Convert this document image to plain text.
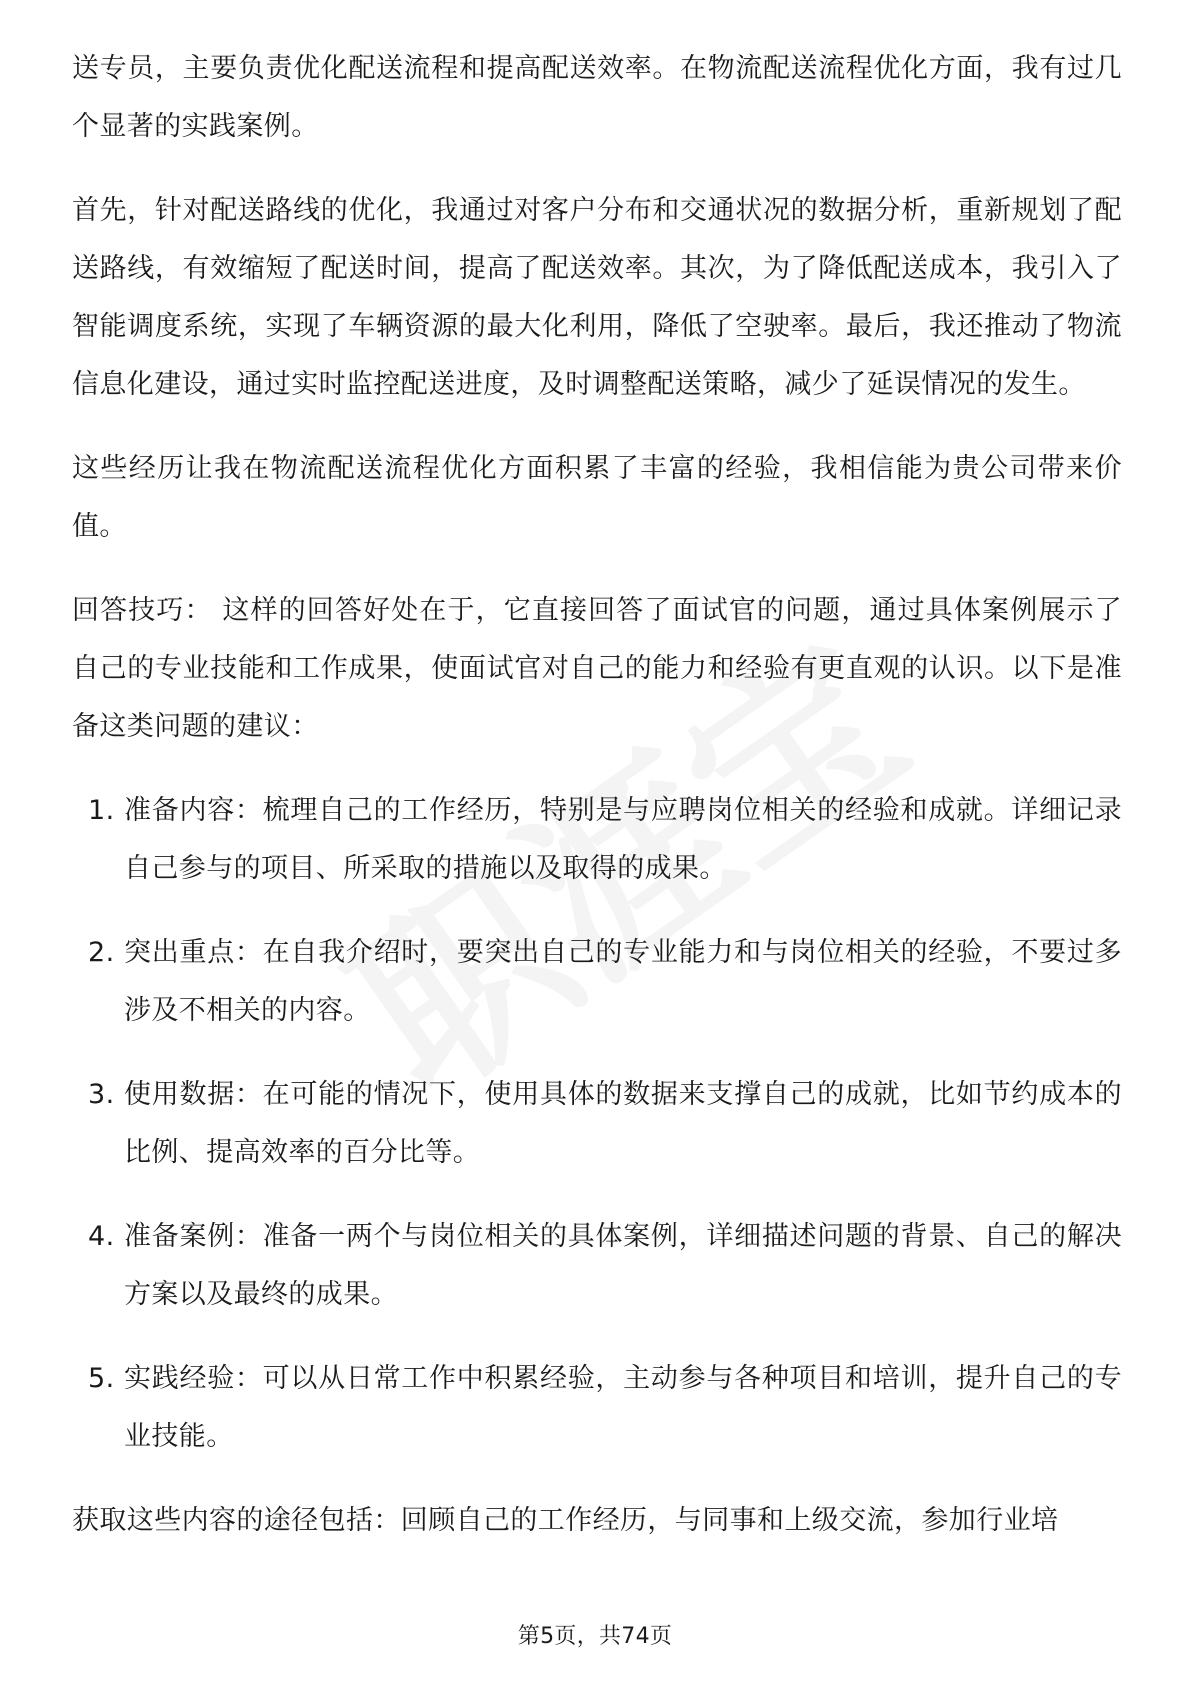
送专员，主要负责优化配送流程和提高配送效率。在物流配送流程优化方面，我有过几个显著的实践案例。

首先，针对配送路线的优化，我通过对客户分布和交通状况的数据分析，重新规划了配送路线，有效缩短了配送时间，提高了配送效率。其次，为了降低配送成本，我引入了智能调度系统，实现了车辆资源的最大化利用，降低了空驶率。最后，我还推动了物流信息化建设，通过实时监控配送进度，及时调整配送策略，减少了延误情况的发生。

这些经历让我在物流配送流程优化方面积累了丰富的经验，我相信能为贵公司带来价值。

回答技巧： 这样的回答好处在于，它直接回答了面试官的问题，通过具体案例展示了自己的专业技能和工作成果，使面试官对自己的能力和经验有更直观的认识。以下是准备这类问题的建议：

1. 准备内容：梳理自己的工作经历，特别是与应聘岗位相关的经验和成就。详细记录自己参与的项目、所采取的措施以及取得的成果。
2. 突出重点：在自我介绍时，要突出自己的专业能力和与岗位相关的经验，不要过多涉及不相关的内容。
3. 使用数据：在可能的情况下，使用具体的数据来支撑自己的成就，比如节约成本的比例、提高效率的百分比等。
4. 准备案例：准备一两个与岗位相关的具体案例，详细描述问题的背景、自己的解决方案以及最终的成果。
5. 实践经验：可以从日常工作中积累经验，主动参与各种项目和培训，提升自己的专业技能。

获取这些内容的途径包括：回顾自己的工作经历，与同事和上级交流，参加行业培

第5页，共74页
